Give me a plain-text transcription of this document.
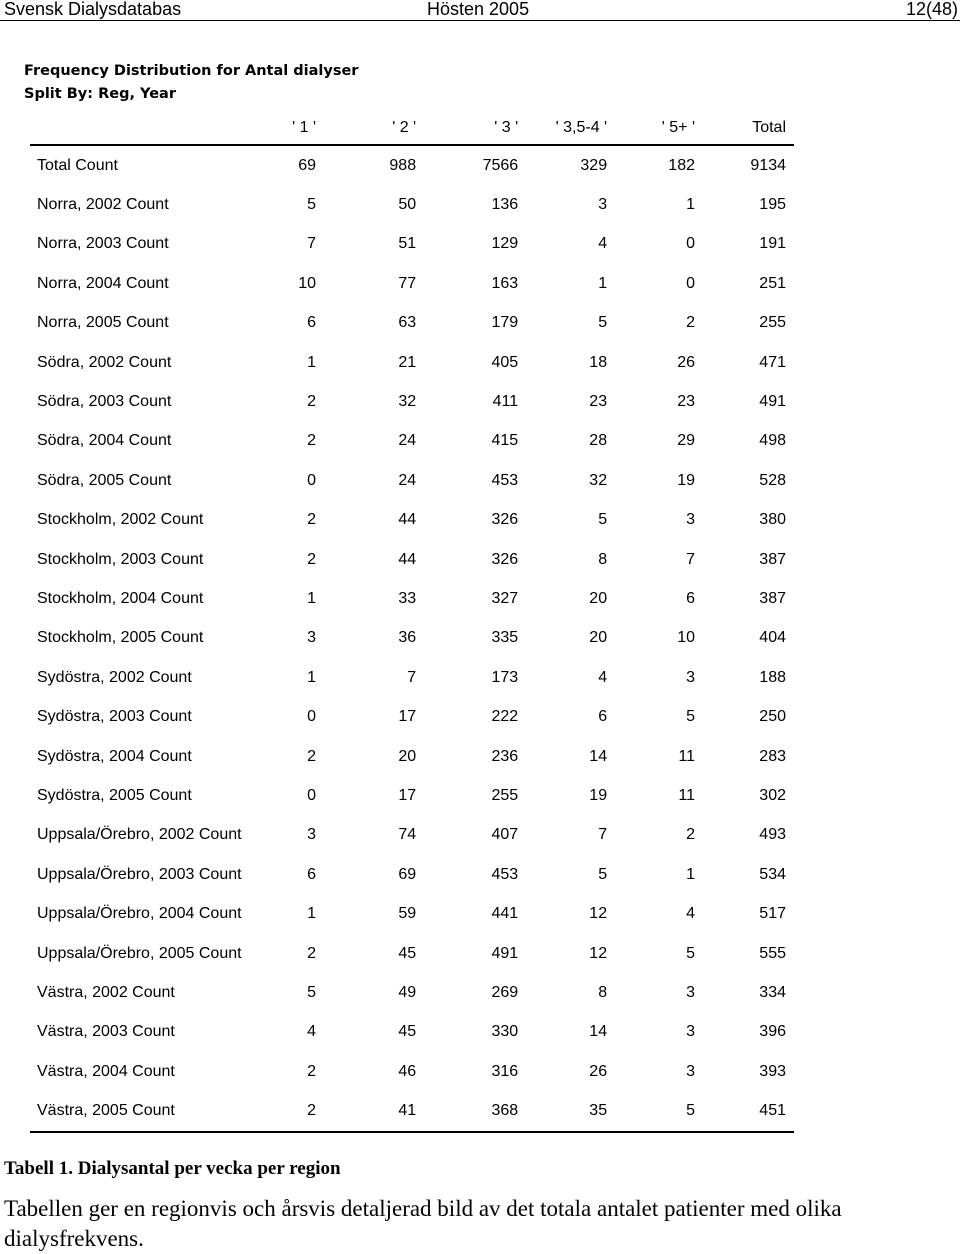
Svensk Dialysdatabas	Hösten 2005	12(48)
Frequency Distribution for Antal dialyser
Split By: Reg, Year
	' 1 '	' 2 '	' 3 '	' 3,5-4 '	' 5+ '	Total
Total Count	69	988	7566	329	182	9134
Norra, 2002 Count	5	50	136	3	1	195
Norra, 2003 Count	7	51	129	4	0	191
Norra, 2004 Count	10	77	163	1	0	251
Norra, 2005 Count	6	63	179	5	2	255
Södra, 2002 Count	1	21	405	18	26	471
Södra, 2003 Count	2	32	411	23	23	491
Södra, 2004 Count	2	24	415	28	29	498
Södra, 2005 Count	0	24	453	32	19	528
Stockholm, 2002 Count	2	44	326	5	3	380
Stockholm, 2003 Count	2	44	326	8	7	387
Stockholm, 2004 Count	1	33	327	20	6	387
Stockholm, 2005 Count	3	36	335	20	10	404
Sydöstra, 2002 Count	1	7	173	4	3	188
Sydöstra, 2003 Count	0	17	222	6	5	250
Sydöstra, 2004 Count	2	20	236	14	11	283
Sydöstra, 2005 Count	0	17	255	19	11	302
Uppsala/Örebro, 2002 Count	3	74	407	7	2	493
Uppsala/Örebro, 2003 Count	6	69	453	5	1	534
Uppsala/Örebro, 2004 Count	1	59	441	12	4	517
Uppsala/Örebro, 2005 Count	2	45	491	12	5	555
Västra, 2002 Count	5	49	269	8	3	334
Västra, 2003 Count	4	45	330	14	3	396
Västra, 2004 Count	2	46	316	26	3	393
Västra, 2005 Count	2	41	368	35	5	451
Tabell 1. Dialysantal per vecka per region
Tabellen ger en regionvis och årsvis detaljerad bild av det totala antalet patienter med olika dialysfrekvens.
